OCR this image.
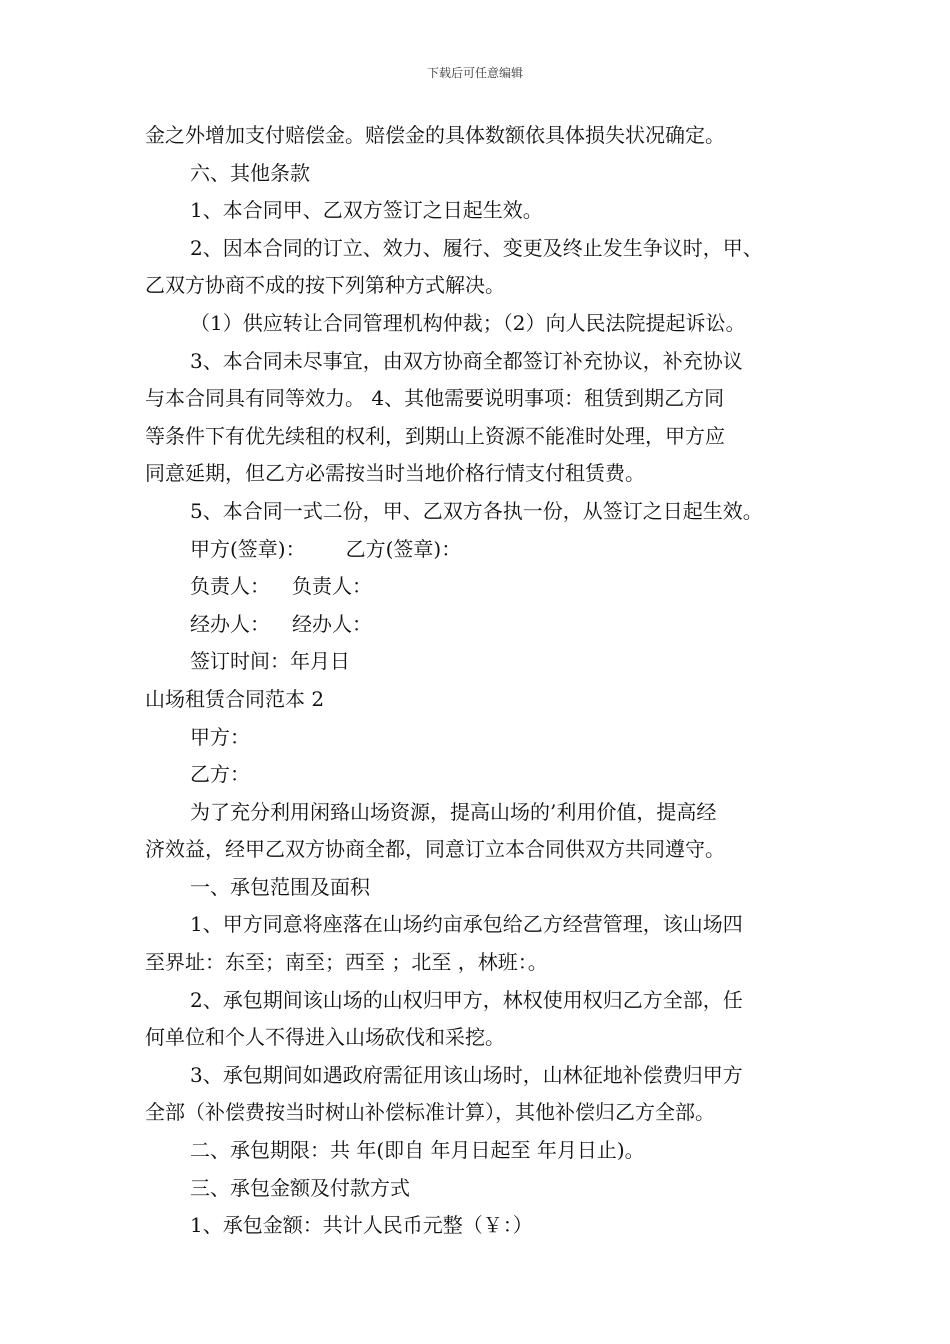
下载后可任意编辑

金之外增加支付赔偿金。赔偿金的具体数额依具体损失状况确定。

六、其他条款

1、本合同甲、乙双方签订之日起生效。

2、因本合同的订立、效力、履行、变更及终止发生争议时，甲、

乙双方协商不成的按下列第种方式解决。

（1）供应转让合同管理机构仲裁；（2）向人民法院提起诉讼。

3、本合同未尽事宜，由双方协商全都签订补充协议，补充协议

与本合同具有同等效力。 4、其他需要说明事项：租赁到期乙方同

等条件下有优先续租的权利，到期山上资源不能准时处理，甲方应

同意延期，但乙方必需按当时当地价格行情支付租赁费。

5、本合同一式二份，甲、乙双方各执一份，从签订之日起生效。

甲方(签章)： 乙方(签章)：

负责人： 负责人：

经办人： 经办人：

签订时间：年月日

山场租赁合同范本 2

甲方：

乙方：

为了充分利用闲臵山场资源，提高山场的’利用价值，提高经

济效益，经甲乙双方协商全都，同意订立本合同供双方共同遵守。

一、承包范围及面积

1、甲方同意将座落在山场约亩承包给乙方经营管理，该山场四

至界址：东至；南至；西至 ；北至 ，林班：。

2、承包期间该山场的山权归甲方，林权使用权归乙方全部，任

何单位和个人不得进入山场砍伐和采挖。

3、承包期间如遇政府需征用该山场时，山林征地补偿费归甲方

全部（补偿费按当时树山补偿标准计算），其他补偿归乙方全部。

二、承包期限：共 年(即自 年月日起至 年月日止)。

三、承包金额及付款方式

1、承包金额：共计人民币元整（￥：）
